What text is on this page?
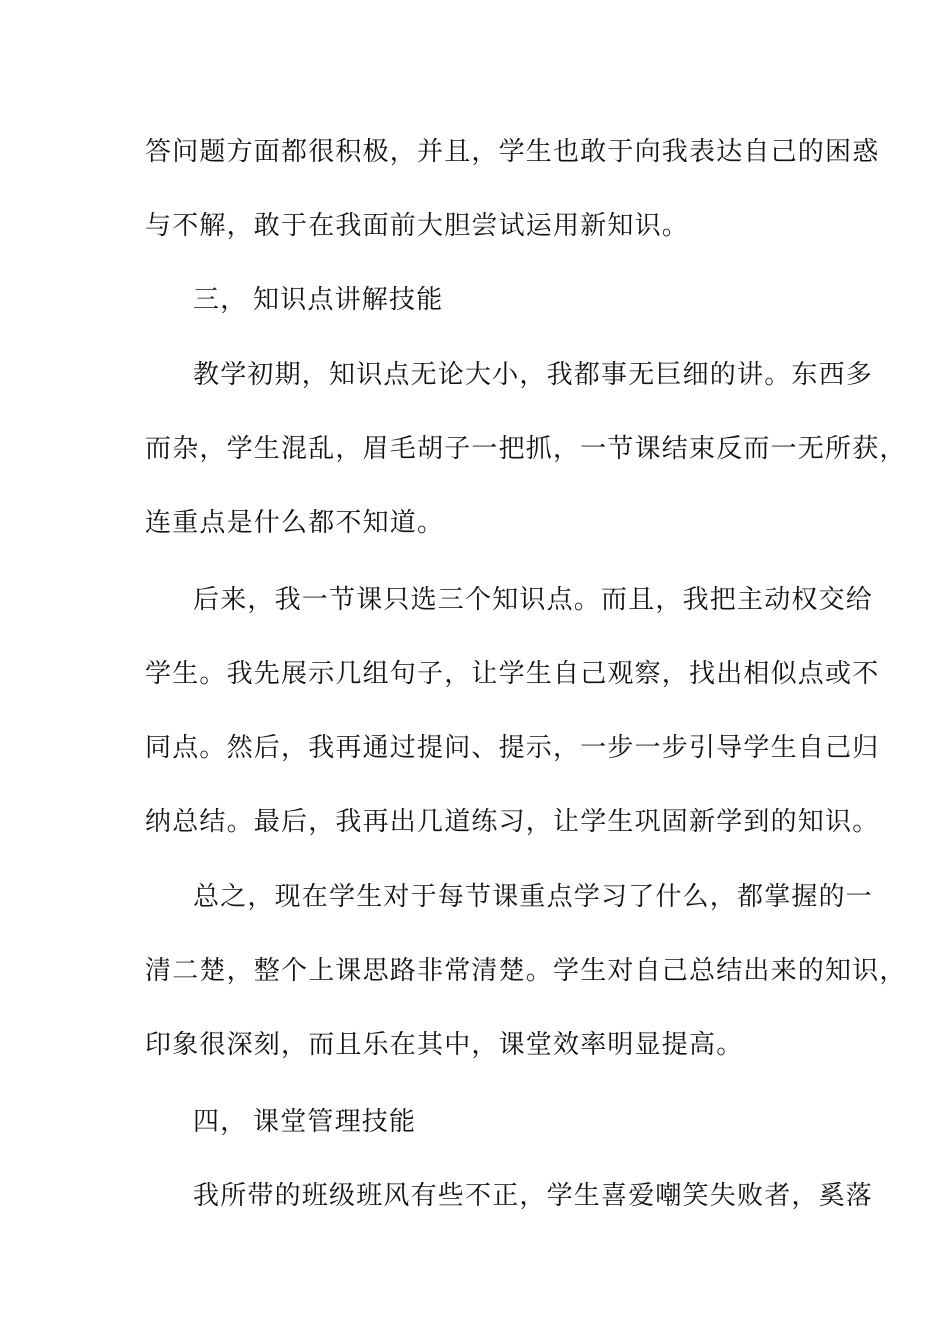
答问题方面都很积极，并且，学生也敢于向我表达自己的困惑
与不解，敢于在我面前大胆尝试运用新知识。
三， 知识点讲解技能
教学初期，知识点无论大小，我都事无巨细的讲。东西多
而杂，学生混乱，眉毛胡子一把抓，一节课结束反而一无所获，
连重点是什么都不知道。
后来，我一节课只选三个知识点。而且，我把主动权交给
学生。我先展示几组句子，让学生自己观察，找出相似点或不
同点。然后，我再通过提问、提示，一步一步引导学生自己归
纳总结。最后，我再出几道练习，让学生巩固新学到的知识。
总之，现在学生对于每节课重点学习了什么，都掌握的一
清二楚，整个上课思路非常清楚。学生对自己总结出来的知识，
印象很深刻，而且乐在其中，课堂效率明显提高。
四， 课堂管理技能
我所带的班级班风有些不正，学生喜爱嘲笑失败者，奚落
